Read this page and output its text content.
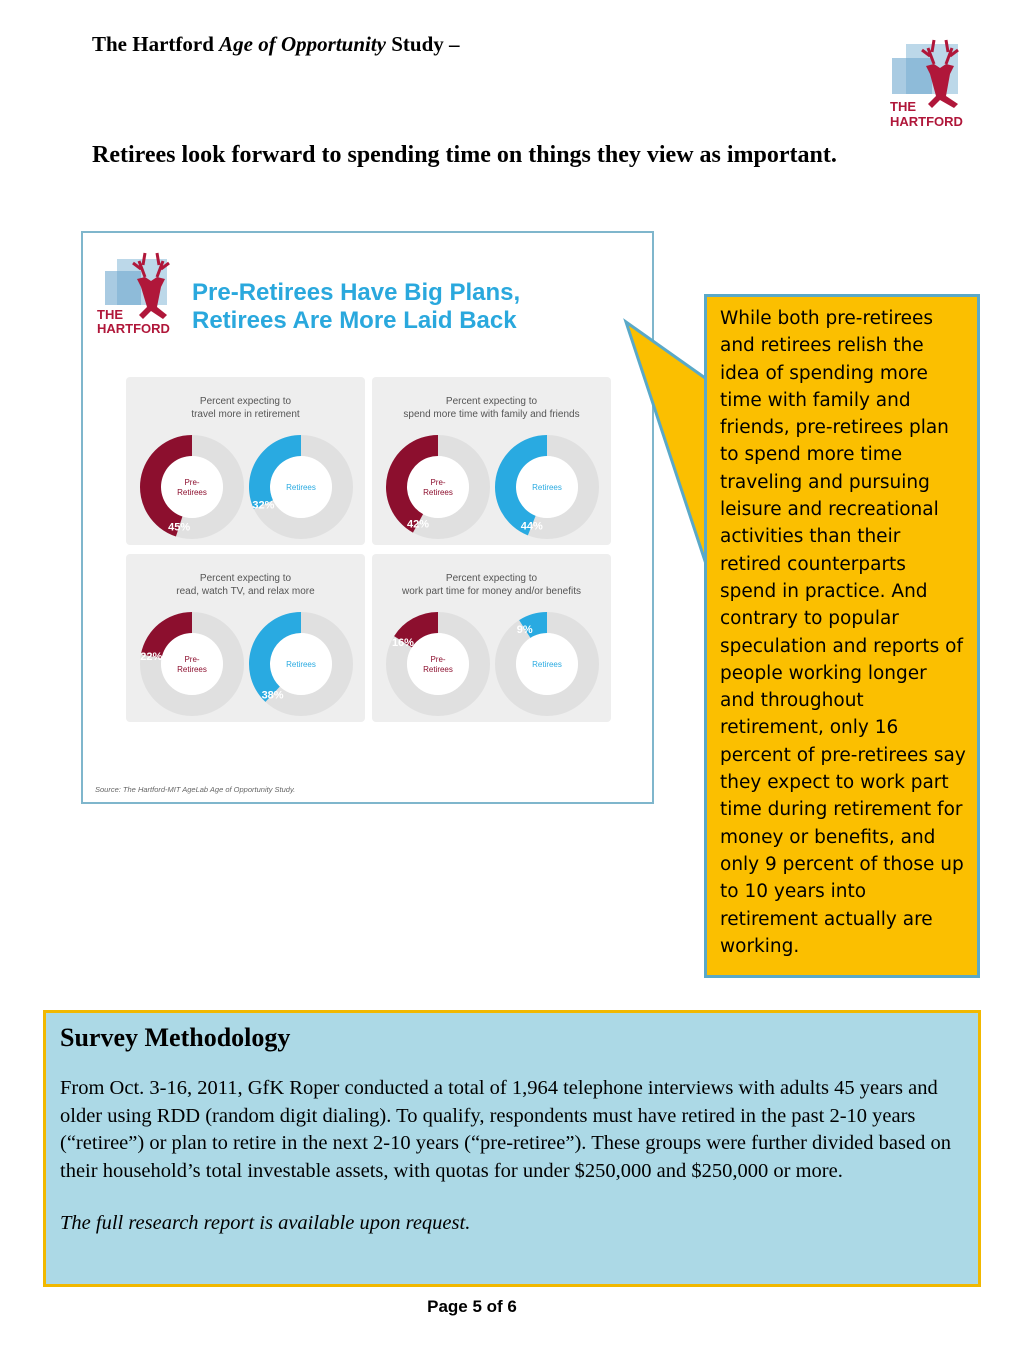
The Hartford Age of Opportunity Study –
THE
HARTFORD
Retirees look forward to spending time on things they view as important.
THE
HARTFORD
Pre-Retirees Have Big Plans,
Retirees Are More Laid Back
Percent expecting to
travel more in retirement
45%
Pre-
Retirees
32%
Retirees
Percent expecting to
spend more time with family and friends
42%
Pre-
Retirees
44%
Retirees
Percent expecting to
read, watch TV, and relax more
22%	Pre-
Retirees
38%
Retirees
Percent expecting to
work part time for money and/or benefits
16%
Pre-
Retirees
9%
Retirees
Source: The Hartford-MIT AgeLab Age of Opportunity Study.
While both pre-retirees and retirees relish the idea of spending more time with family and friends, pre-retirees plan to spend more time traveling and pursuing leisure and recreational activities than their retired counterparts spend in practice. And contrary to popular speculation and reports of people working longer and throughout retirement, only 16 percent of pre-retirees say they expect to work part time during retirement for money or benefits, and only 9 percent of those up to 10 years into retirement actually are working.
Survey Methodology
From Oct. 3-16, 2011, GfK Roper conducted a total of 1,964 telephone interviews with adults 45 years and older using RDD (random digit dialing). To qualify, respondents must have retired in the past 2-10 years (“retiree”) or plan to retire in the next 2-10 years (“pre-retiree”). These groups were further divided based on their household’s total investable assets, with quotas for under $250,000 and $250,000 or more.
The full research report is available upon request.
Page 5 of 6
